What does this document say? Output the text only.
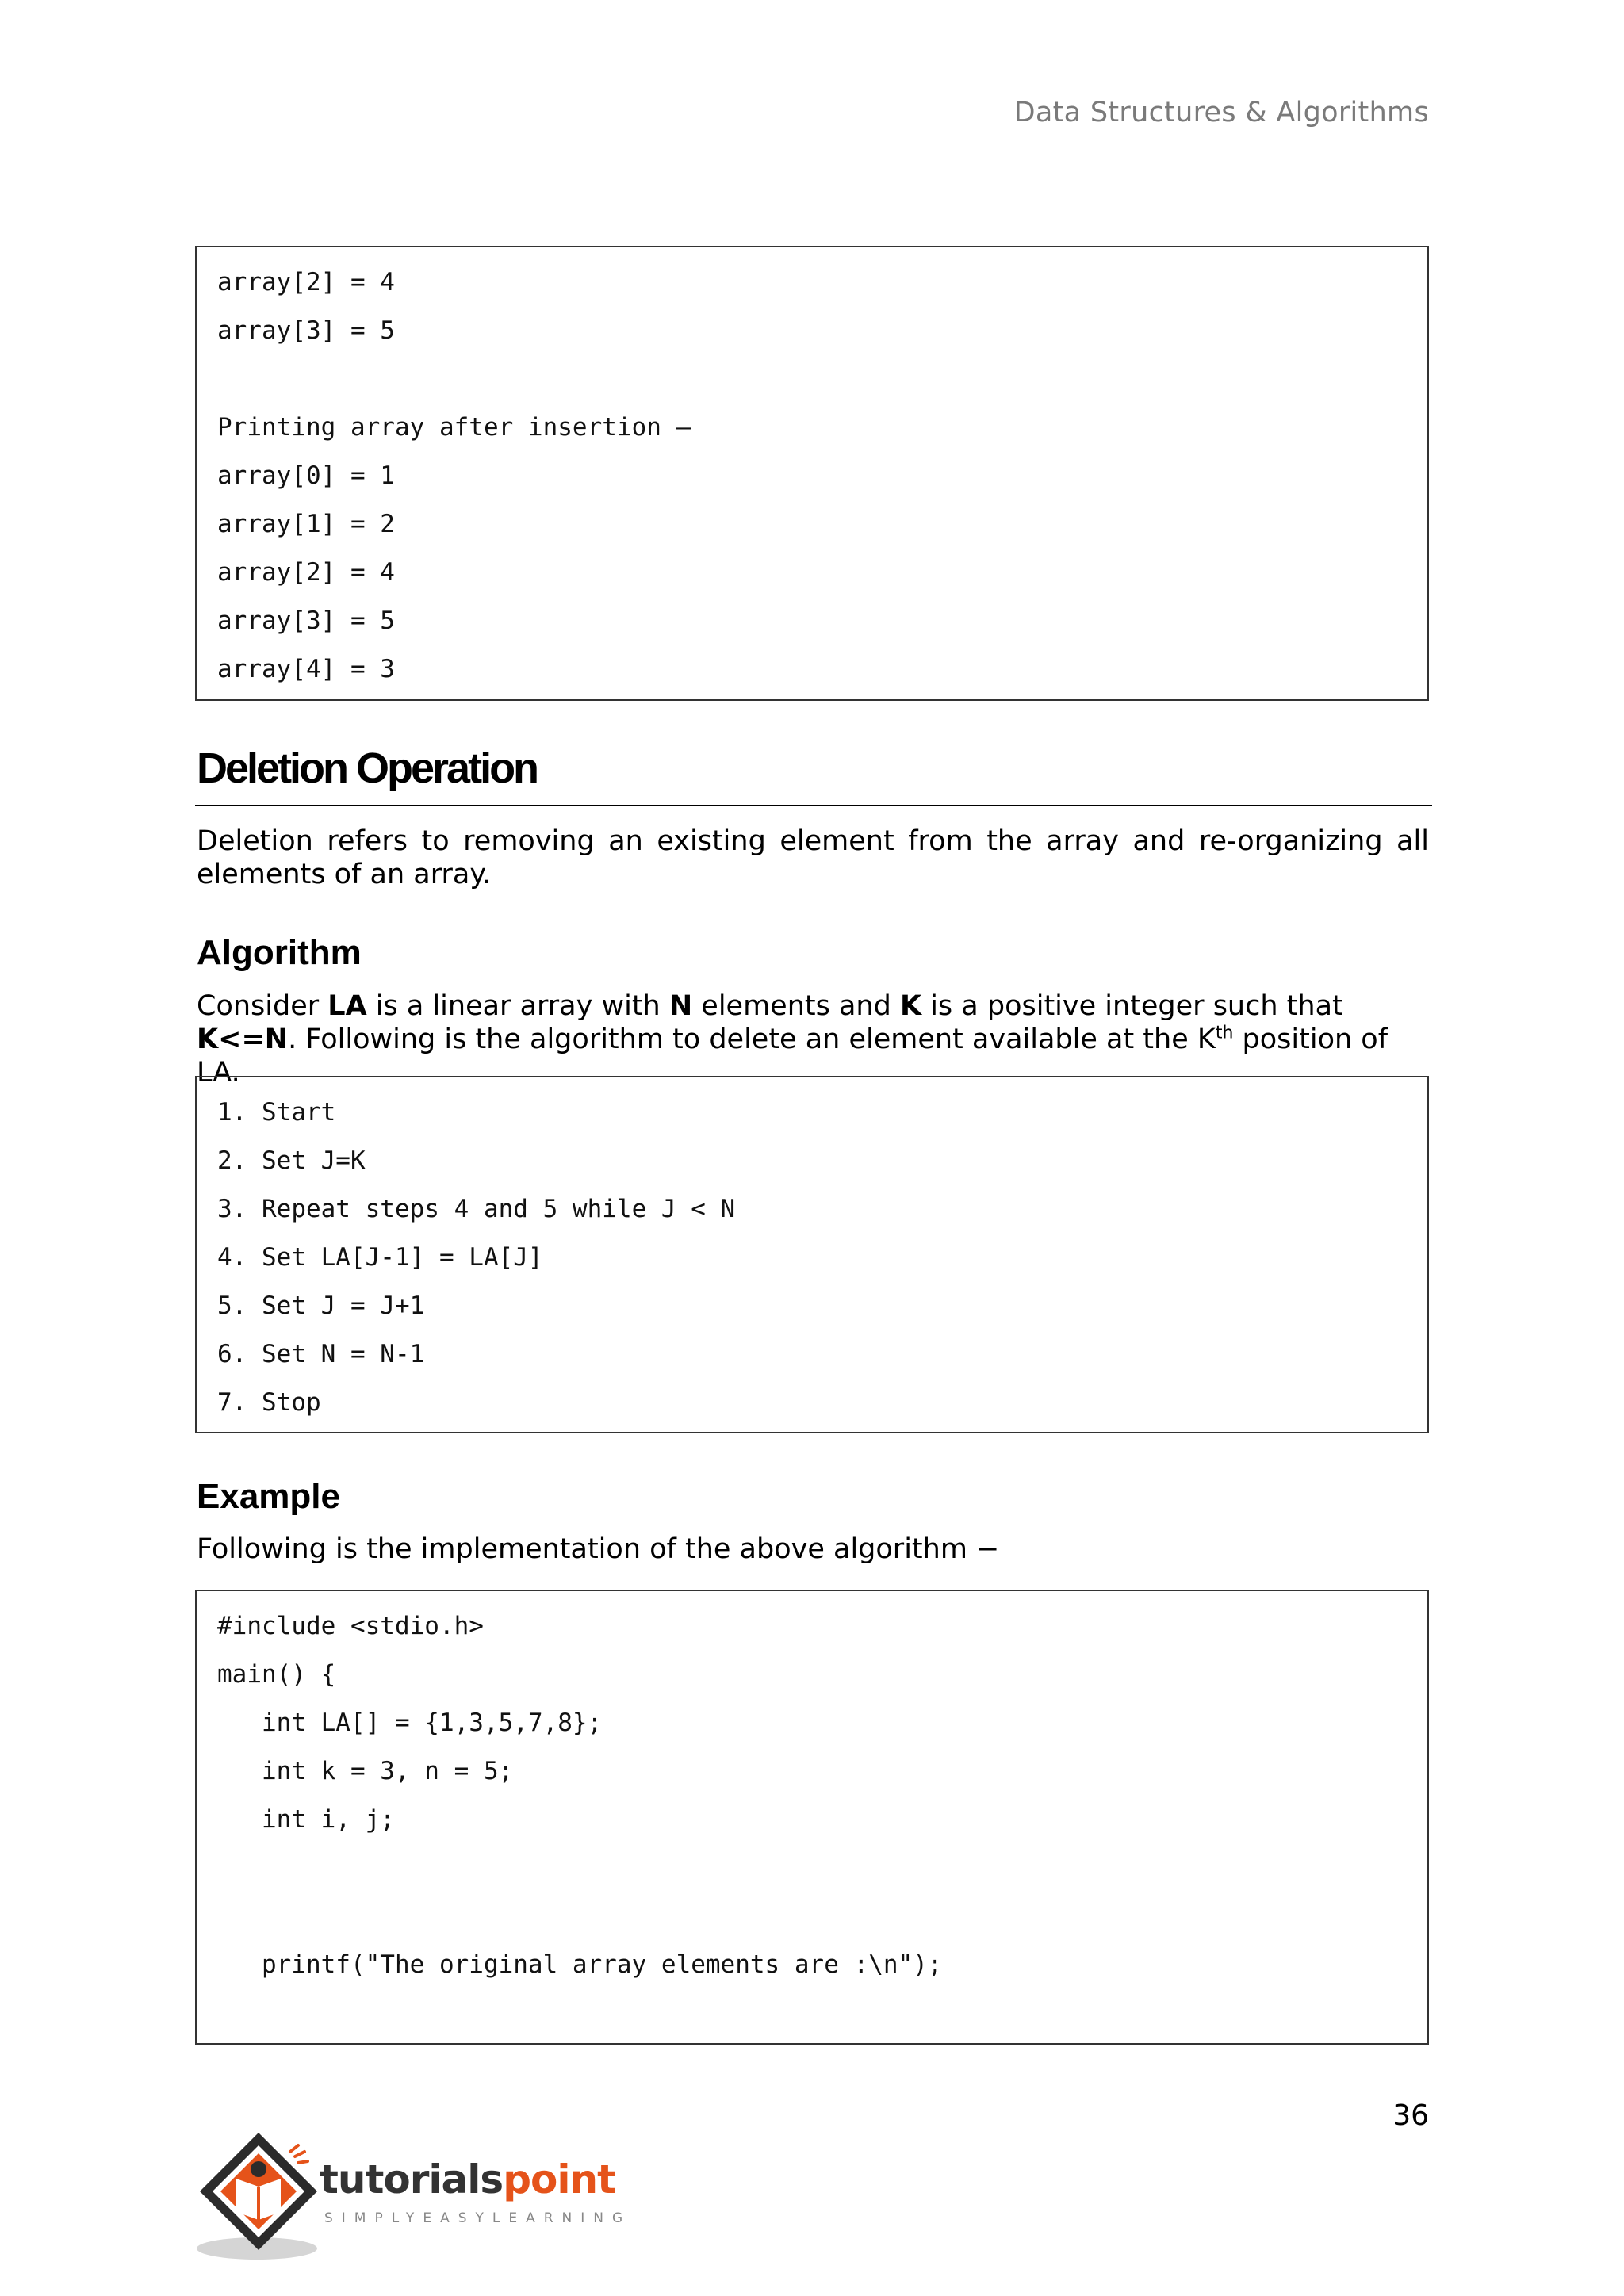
Data Structures & Algorithms
array[2] = 4
array[3] = 5
Printing array after insertion –
array[0] = 1
array[1] = 2
array[2] = 4
array[3] = 5
array[4] = 3
Deletion Operation
Deletion refers to removing an existing element from the array and re-organizing all elements of an array.
Algorithm
Consider LA is a linear array with N elements and K is a positive integer such that K<=N. Following is the algorithm to delete an element available at the $K^{th}$ position of LA.
1. Start
2. Set J=K
3. Repeat steps 4 and 5 while J < N
4. Set LA[J-1] = LA[J]
5. Set J = J+1
6. Set N = N-1
7. Stop
Example
Following is the implementation of the above algorithm −
#include <stdio.h>
main() {
int LA[] = {1,3,5,7,8};
int k = 3, n = 5;
int i, j;
printf("The original array elements are :\n");
36
tutorialspoint
SIMPLYEASYLEARNING
